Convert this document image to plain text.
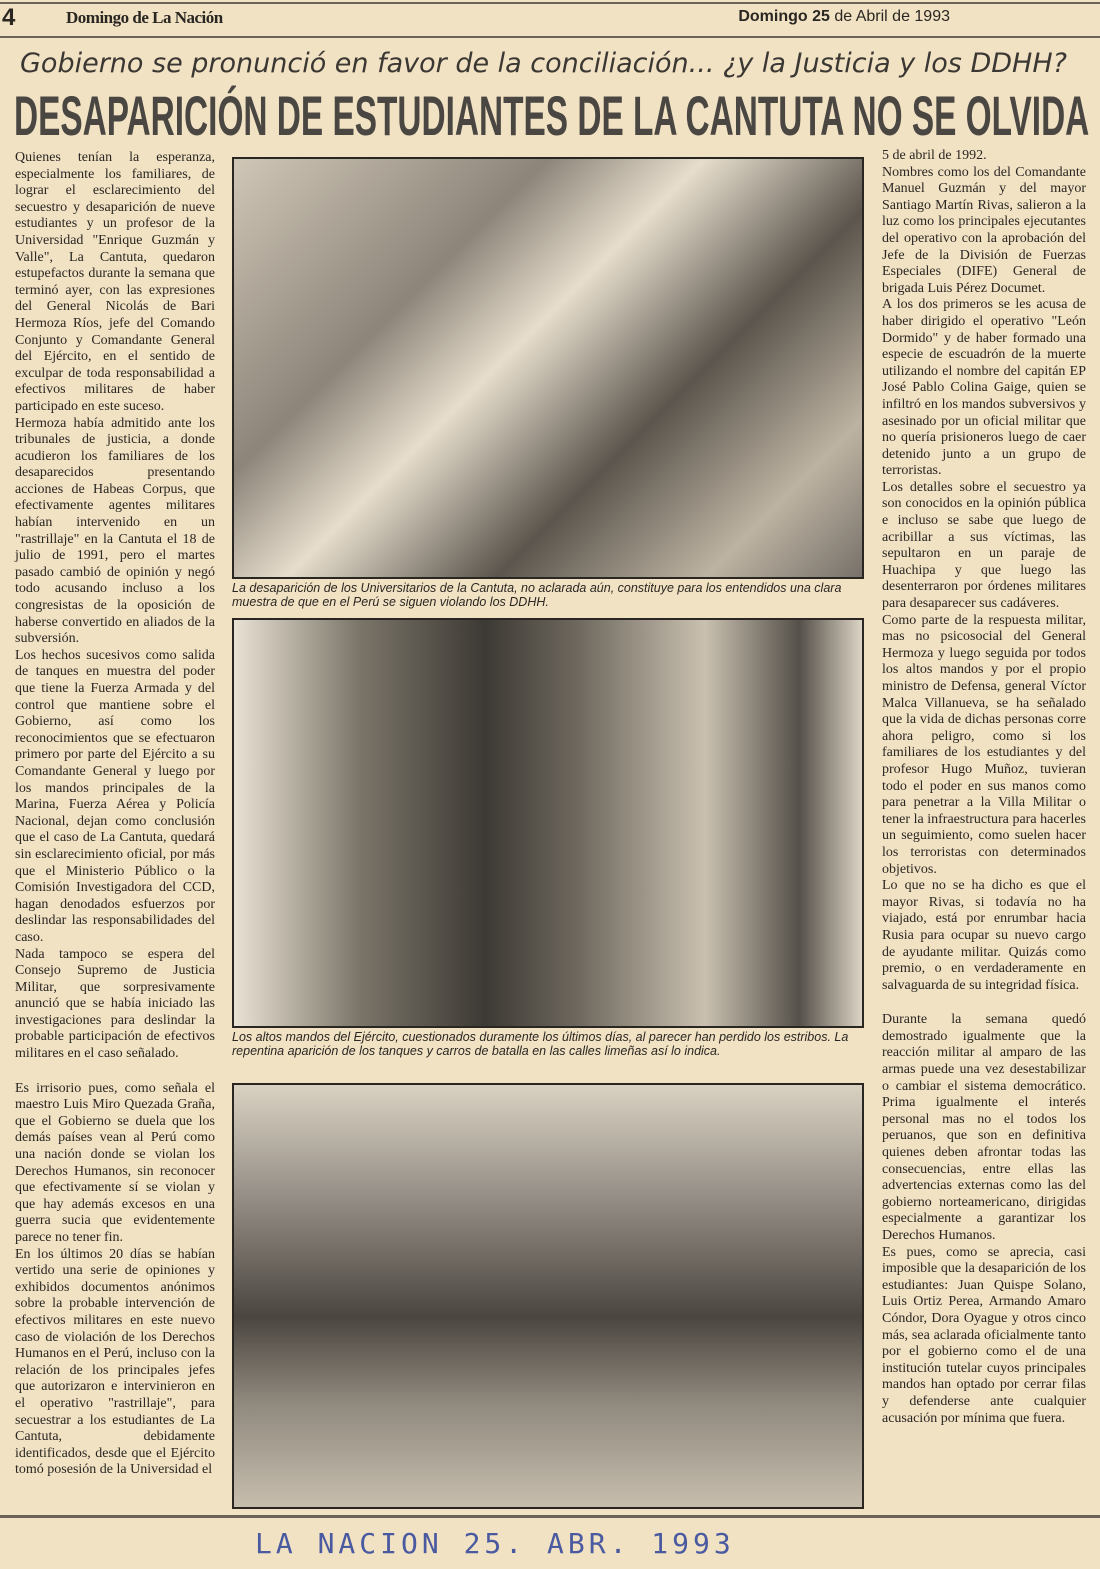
4	Domingo de La Nación	Domingo 25 de Abril de 1993
Gobierno se pronunció en favor de la conciliación... ¿y la Justicia y los DDHH?
DESAPARICIÓN DE ESTUDIANTES DE LA CANTUTA NO SE OLVIDA

Quienes tenían la esperanza, especialmente los familiares, de lograr el esclarecimiento del secuestro y desaparición de nueve estudiantes y un profesor de la Universidad "Enrique Guzmán y Valle", La Cantuta, quedaron estupefactos durante la semana que terminó ayer, con las expresiones del General Nicolás de Bari Hermoza Ríos, jefe del Comando Conjunto y Comandante General del Ejército, en el sentido de exculpar de toda responsabilidad a efectivos militares de haber participado en este suceso.

Hermoza había admitido ante los tribunales de justicia, a donde acudieron los familiares de los desaparecidos presentando acciones de Habeas Corpus, que efectivamente agentes militares habían intervenido en un "rastrillaje" en la Cantuta el 18 de julio de 1991, pero el martes pasado cambió de opinión y negó todo acusando incluso a los congresistas de la oposición de haberse convertido en aliados de la subversión.

Los hechos sucesivos como salida de tanques en muestra del poder que tiene la Fuerza Armada y del control que mantiene sobre el Gobierno, así como los reconocimientos que se efectuaron primero por parte del Ejército a su Comandante General y luego por los mandos principales de la Marina, Fuerza Aérea y Policía Nacional, dejan como conclusión que el caso de La Cantuta, quedará sin esclarecimiento oficial, por más que el Ministerio Público o la Comisión Investigadora del CCD, hagan denodados esfuerzos por deslindar las responsabilidades del caso.

Nada tampoco se espera del Consejo Supremo de Justicia Militar, que sorpresivamente anunció que se había iniciado las investigaciones para deslindar la probable participación de efectivos militares en el caso señalado.

Es irrisorio pues, como señala el maestro Luis Miro Quezada Graña, que el Gobierno se duela que los demás países vean al Perú como una nación donde se violan los Derechos Humanos, sin reconocer que efectivamente sí se violan y que hay además excesos en una guerra sucia que evidentemente parece no tener fin.

En los últimos 20 días se habían vertido una serie de opiniones y exhibidos documentos anónimos sobre la probable intervención de efectivos militares en este nuevo caso de violación de los Derechos Humanos en el Perú, incluso con la relación de los principales jefes que autorizaron e intervinieron en el operativo "rastrillaje", para secuestrar a los estudiantes de La Cantuta, debidamente identificados, desde que el Ejército tomó posesión de la Universidad el

La desaparición de los Universitarios de la Cantuta, no aclarada aún, constituye para los entendidos una clara muestra de que en el Perú se siguen violando los DDHH.
Los altos mandos del Ejército, cuestionados duramente los últimos días, al parecer han perdido los estribos. La repentina aparición de los tanques y carros de batalla en las calles limeñas así lo indica.

5 de abril de 1992.

Nombres como los del Comandante Manuel Guzmán y del mayor Santiago Martín Rivas, salieron a la luz como los principales ejecutantes del operativo con la aprobación del Jefe de la División de Fuerzas Especiales (DIFE) General de brigada Luis Pérez Documet.

A los dos primeros se les acusa de haber dirigido el operativo "León Dormido" y de haber formado una especie de escuadrón de la muerte utilizando el nombre del capitán EP José Pablo Colina Gaige, quien se infiltró en los mandos subversivos y asesinado por un oficial militar que no quería prisioneros luego de caer detenido junto a un grupo de terroristas.

Los detalles sobre el secuestro ya son conocidos en la opinión pública e incluso se sabe que luego de acribillar a sus víctimas, las sepultaron en un paraje de Huachipa y que luego las desenterraron por órdenes militares para desaparecer sus cadáveres.

Como parte de la respuesta militar, mas no psicosocial del General Hermoza y luego seguida por todos los altos mandos y por el propio ministro de Defensa, general Víctor Malca Villanueva, se ha señalado que la vida de dichas personas corre ahora peligro, como si los familiares de los estudiantes y del profesor Hugo Muñoz, tuvieran todo el poder en sus manos como para penetrar a la Villa Militar o tener la infraestructura para hacerles un seguimiento, como suelen hacer los terroristas con determinados objetivos.

Lo que no se ha dicho es que el mayor Rivas, si todavía no ha viajado, está por enrumbar hacia Rusia para ocupar su nuevo cargo de ayudante militar. Quizás como premio, o en verdaderamente en salvaguarda de su integridad física.

Durante la semana quedó demostrado igualmente que la reacción militar al amparo de las armas puede una vez desestabilizar o cambiar el sistema democrático. Prima igualmente el interés personal mas no el todos los peruanos, que son en definitiva quienes deben afrontar todas las consecuencias, entre ellas las advertencias externas como las del gobierno norteamericano, dirigidas especialmente a garantizar los Derechos Humanos.

Es pues, como se aprecia, casi imposible que la desaparición de los estudiantes: Juan Quispe Solano, Luis Ortiz Perea, Armando Amaro Cóndor, Dora Oyague y otros cinco más, sea aclarada oficialmente tanto por el gobierno como el de una institución tutelar cuyos principales mandos han optado por cerrar filas y defenderse ante cualquier acusación por mínima que fuera.

LA NACION 25. ABR. 1993
